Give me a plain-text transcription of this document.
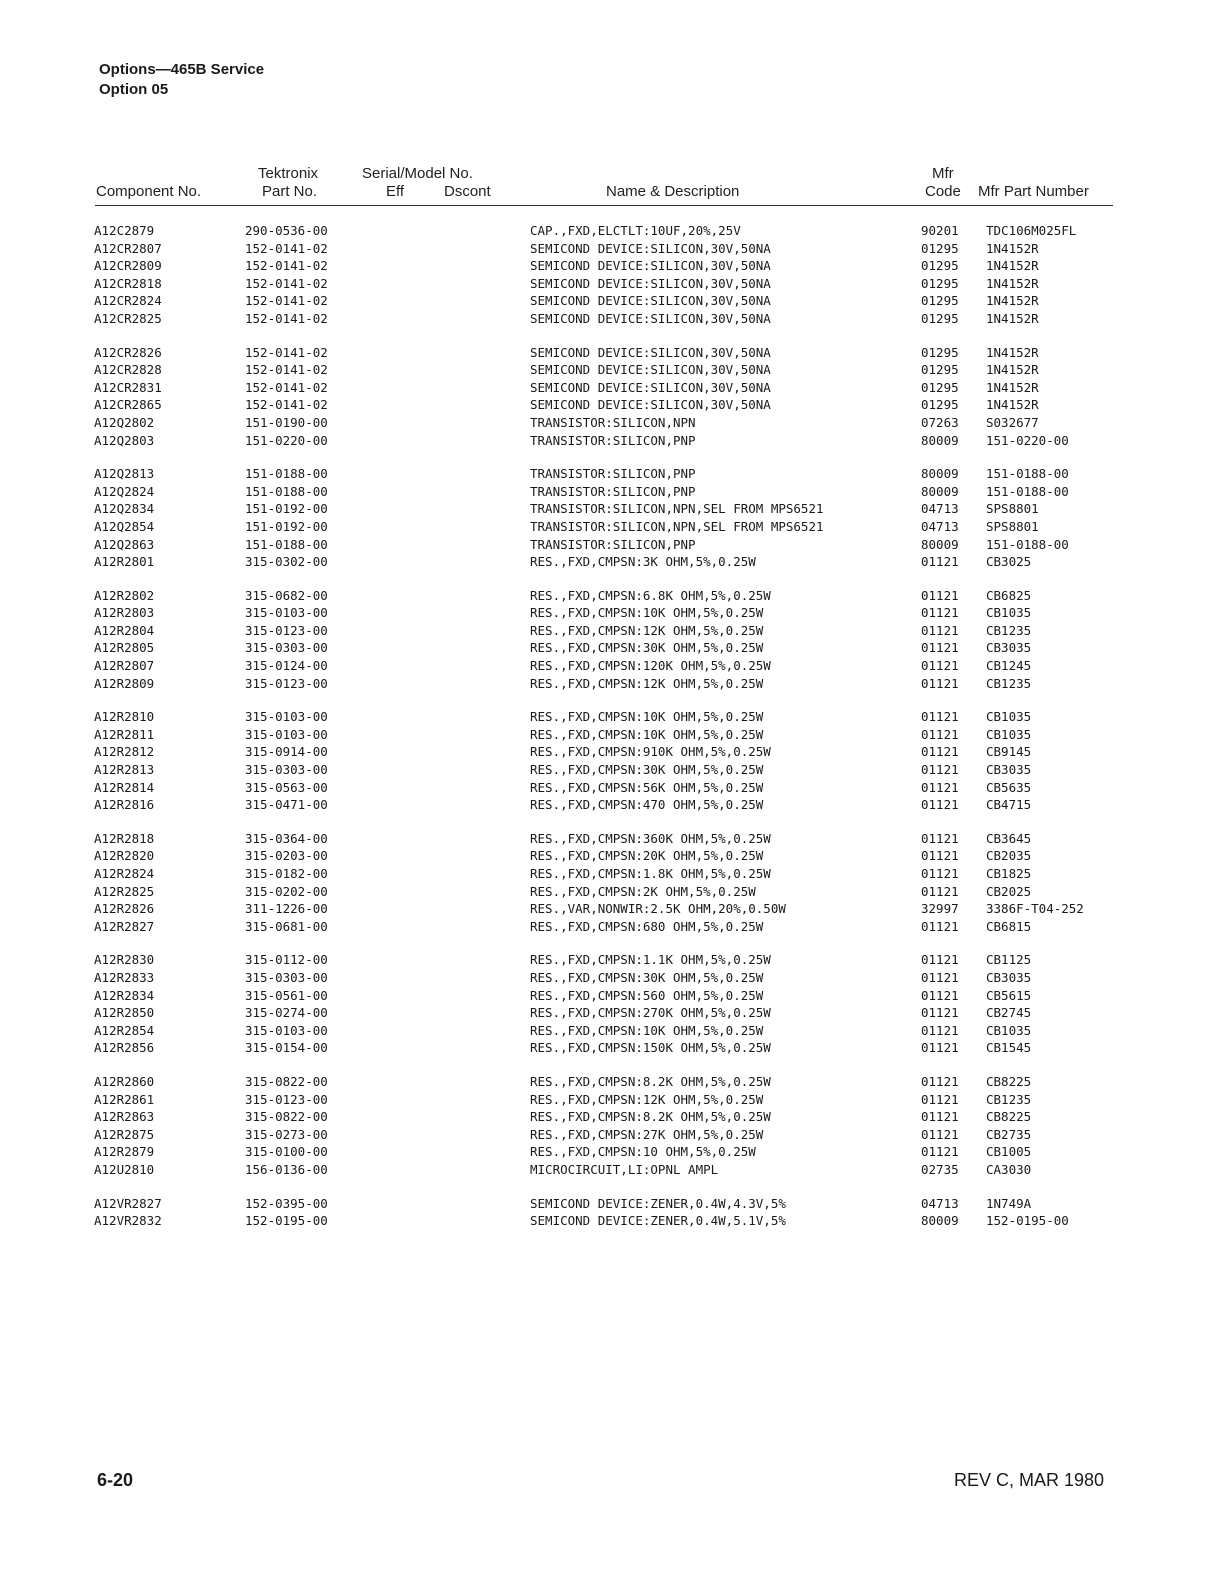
Options—465B Service
Option 05
Component No.
Tektronix
Part No.
Serial/Model No.
Eff	Dscont	Name & Description
Mfr
Code Mfr Part Number
A12C2879	290-0536-00	CAP.,FXD,ELCTLT:10UF,20%,25V	90201 TDC106M025FL
A12CR2807	152-0141-02	SEMICOND DEVICE:SILICON,30V,50NA	01295 1N4152R
A12CR2809	152-0141-02	SEMICOND DEVICE:SILICON,30V,50NA	01295 1N4152R
A12CR2818	152-0141-02	SEMICOND DEVICE:SILICON,30V,50NA	01295 1N4152R
A12CR2824	152-0141-02	SEMICOND DEVICE:SILICON,30V,50NA	01295 1N4152R
A12CR2825	152-0141-02	SEMICOND DEVICE:SILICON,30V,50NA	01295 1N4152R
A12CR2826	152-0141-02	SEMICOND DEVICE:SILICON,30V,50NA	01295 1N4152R
A12CR2828	152-0141-02	SEMICOND DEVICE:SILICON,30V,50NA	01295 1N4152R
A12CR2831	152-0141-02	SEMICOND DEVICE:SILICON,30V,50NA	01295 1N4152R
A12CR2865	152-0141-02	SEMICOND DEVICE:SILICON,30V,50NA	01295 1N4152R
A12Q2802	151-0190-00	TRANSISTOR:SILICON,NPN	07263 S032677
A12Q2803	151-0220-00	TRANSISTOR:SILICON,PNP	80009 151-0220-00
A12Q2813	151-0188-00	TRANSISTOR:SILICON,PNP	80009 151-0188-00
A12Q2824	151-0188-00	TRANSISTOR:SILICON,PNP	80009 151-0188-00
A12Q2834	151-0192-00	TRANSISTOR:SILICON,NPN,SEL FROM MPS6521	04713 SPS8801
A12Q2854	151-0192-00	TRANSISTOR:SILICON,NPN,SEL FROM MPS6521	04713 SPS8801
A12Q2863	151-0188-00	TRANSISTOR:SILICON,PNP	80009 151-0188-00
A12R2801	315-0302-00	RES.,FXD,CMPSN:3K OHM,5%,0.25W	01121 CB3025
A12R2802	315-0682-00	RES.,FXD,CMPSN:6.8K OHM,5%,0.25W	01121 CB6825
A12R2803	315-0103-00	RES.,FXD,CMPSN:10K OHM,5%,0.25W	01121 CB1035
A12R2804	315-0123-00	RES.,FXD,CMPSN:12K OHM,5%,0.25W	01121 CB1235
A12R2805	315-0303-00	RES.,FXD,CMPSN:30K OHM,5%,0.25W	01121 CB3035
A12R2807	315-0124-00	RES.,FXD,CMPSN:120K OHM,5%,0.25W	01121 CB1245
A12R2809	315-0123-00	RES.,FXD,CMPSN:12K OHM,5%,0.25W	01121 CB1235
A12R2810	315-0103-00	RES.,FXD,CMPSN:10K OHM,5%,0.25W	01121 CB1035
A12R2811	315-0103-00	RES.,FXD,CMPSN:10K OHM,5%,0.25W	01121 CB1035
A12R2812	315-0914-00	RES.,FXD,CMPSN:910K OHM,5%,0.25W	01121 CB9145
A12R2813	315-0303-00	RES.,FXD,CMPSN:30K OHM,5%,0.25W	01121 CB3035
A12R2814	315-0563-00	RES.,FXD,CMPSN:56K OHM,5%,0.25W	01121 CB5635
A12R2816	315-0471-00	RES.,FXD,CMPSN:470 OHM,5%,0.25W	01121 CB4715
A12R2818	315-0364-00	RES.,FXD,CMPSN:360K OHM,5%,0.25W	01121 CB3645
A12R2820	315-0203-00	RES.,FXD,CMPSN:20K OHM,5%,0.25W	01121 CB2035
A12R2824	315-0182-00	RES.,FXD,CMPSN:1.8K OHM,5%,0.25W	01121 CB1825
A12R2825	315-0202-00	RES.,FXD,CMPSN:2K OHM,5%,0.25W	01121 CB2025
A12R2826	311-1226-00	RES.,VAR,NONWIR:2.5K OHM,20%,0.50W	32997 3386F-T04-252
A12R2827	315-0681-00	RES.,FXD,CMPSN:680 OHM,5%,0.25W	01121 CB6815
A12R2830	315-0112-00	RES.,FXD,CMPSN:1.1K OHM,5%,0.25W	01121 CB1125
A12R2833	315-0303-00	RES.,FXD,CMPSN:30K OHM,5%,0.25W	01121 CB3035
A12R2834	315-0561-00	RES.,FXD,CMPSN:560 OHM,5%,0.25W	01121 CB5615
A12R2850	315-0274-00	RES.,FXD,CMPSN:270K OHM,5%,0.25W	01121 CB2745
A12R2854	315-0103-00	RES.,FXD,CMPSN:10K OHM,5%,0.25W	01121 CB1035
A12R2856	315-0154-00	RES.,FXD,CMPSN:150K OHM,5%,0.25W	01121 CB1545
A12R2860	315-0822-00	RES.,FXD,CMPSN:8.2K OHM,5%,0.25W	01121 CB8225
A12R2861	315-0123-00	RES.,FXD,CMPSN:12K OHM,5%,0.25W	01121 CB1235
A12R2863	315-0822-00	RES.,FXD,CMPSN:8.2K OHM,5%,0.25W	01121 CB8225
A12R2875	315-0273-00	RES.,FXD,CMPSN:27K OHM,5%,0.25W	01121 CB2735
A12R2879	315-0100-00	RES.,FXD,CMPSN:10 OHM,5%,0.25W	01121 CB1005
A12U2810	156-0136-00	MICROCIRCUIT,LI:OPNL AMPL	02735 CA3030
A12VR2827	152-0395-00	SEMICOND DEVICE:ZENER,0.4W,4.3V,5%	04713 1N749A
A12VR2832	152-0195-00	SEMICOND DEVICE:ZENER,0.4W,5.1V,5%	80009 152-0195-00
6-20	REV C, MAR 1980
